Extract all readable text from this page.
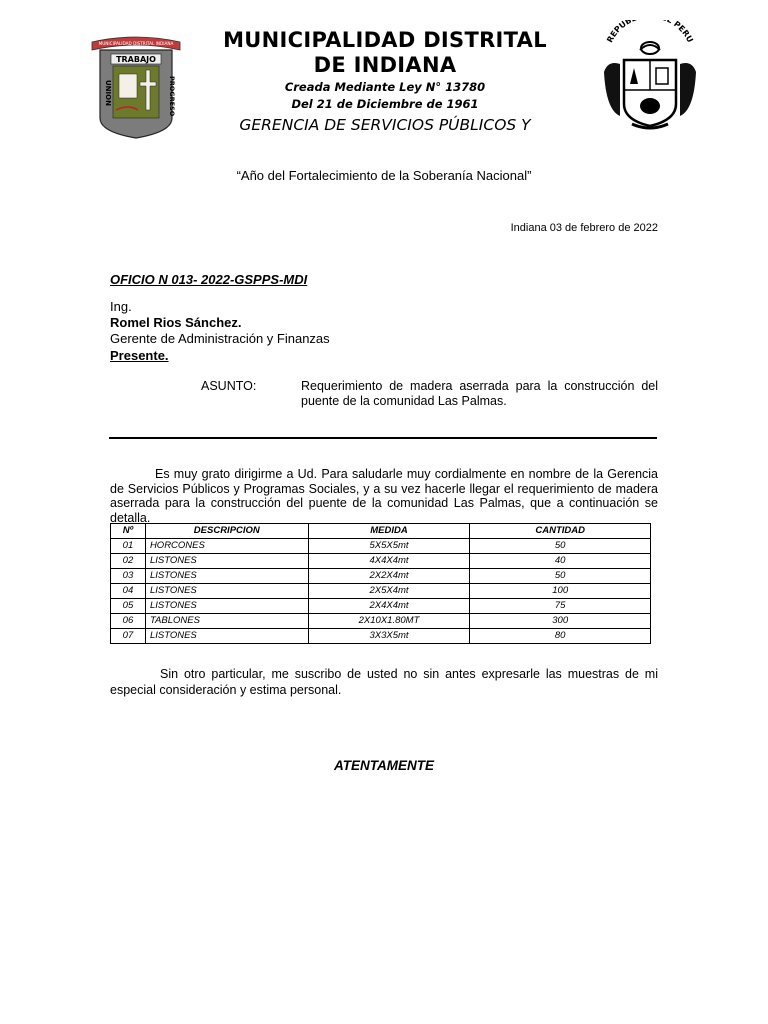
MUNICIPALIDAD DISTRITAL INDIANA
TRABAJO
UNION	PROGRESO
MUNICIPALIDAD DISTRITAL
DE INDIANA
Creada Mediante Ley N° 13780
Del 21 de Diciembre de 1961
GERENCIA DE SERVICIOS PÚBLICOS Y
REPUB L PERU
“Año del Fortalecimiento de la Soberanía Nacional”
Indiana 03 de febrero de 2022
OFICIO N 013- 2022-GSPPS-MDI
Ing.
Romel Rios Sánchez.
Gerente de Administración y Finanzas
Presente.
ASUNTO:	Requerimiento de madera aserrada para la construcción del puente de la comunidad Las Palmas.
Es muy grato dirigirme a Ud. Para saludarle muy cordialmente en nombre de la Gerencia de Servicios Públicos y Programas Sociales, y a su vez hacerle llegar el requerimiento de madera aserrada para la construcción del puente de la comunidad Las Palmas, que a continuación se detalla.
Nº	DESCRIPCION	MEDIDA	CANTIDAD
01	HORCONES	5X5X5mt	50
02	LISTONES	4X4X4mt	40
03	LISTONES	2X2X4mt	50
04	LISTONES	2X5X4mt	100
05	LISTONES	2X4X4mt	75
06	TABLONES	2X10X1.80MT	300
07	LISTONES	3X3X5mt	80
Sin otro particular, me suscribo de usted no sin antes expresarle las muestras de mi especial consideración y estima personal.
ATENTAMENTE
